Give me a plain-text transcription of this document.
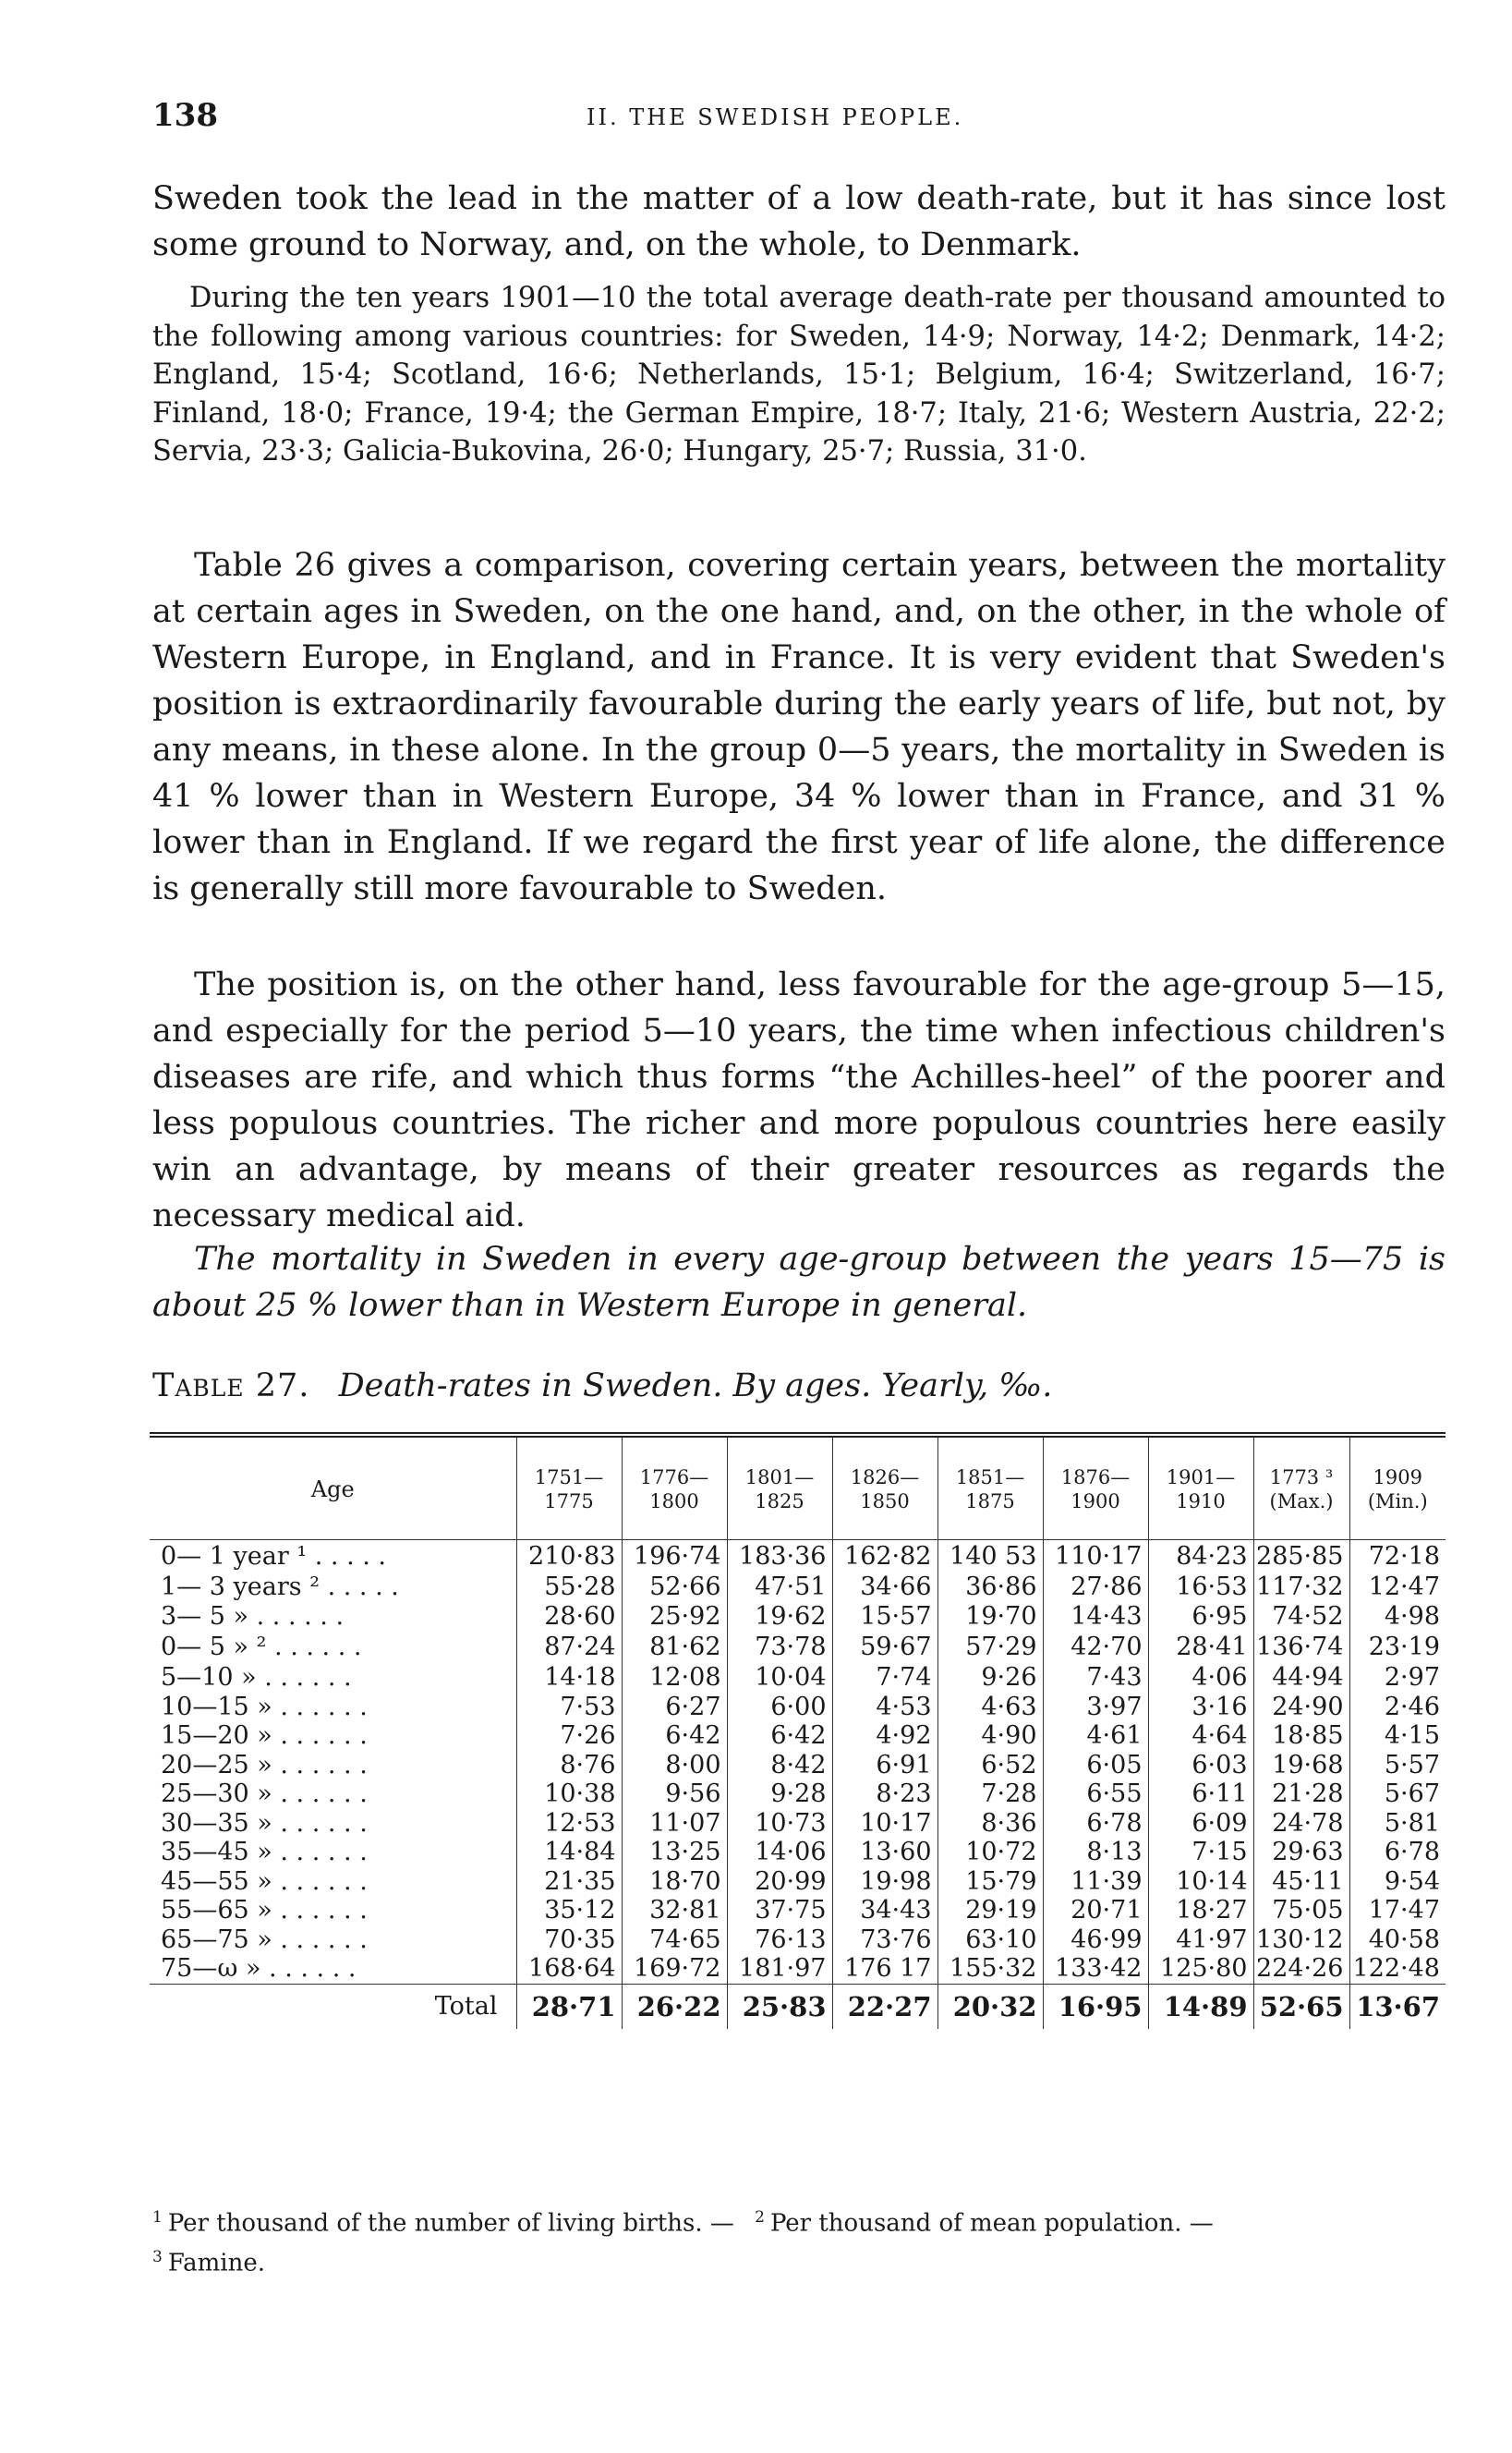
138	II. THE SWEDISH PEOPLE.

Sweden took the lead in the matter of a low death-rate, but it has since lost some ground to Norway, and, on the whole, to Denmark.

During the ten years 1901—10 the total average death-rate per thousand amounted to the following among various countries: for Sweden, 14·9; Norway, 14·2; Denmark, 14·2; England, 15·4; Scotland, 16·6; Netherlands, 15·1; Belgium, 16·4; Switzerland, 16·7; Finland, 18·0; France, 19·4; the German Empire, 18·7; Italy, 21·6; Western Austria, 22·2; Servia, 23·3; Galicia-Bukovina, 26·0; Hungary, 25·7; Russia, 31·0.

Table 26 gives a comparison, covering certain years, between the mortality at certain ages in Sweden, on the one hand, and, on the other, in the whole of Western Europe, in England, and in France. It is very evident that Sweden's position is extraordinarily favourable during the early years of life, but not, by any means, in these alone. In the group 0—5 years, the mortality in Sweden is 41 % lower than in Western Europe, 34 % lower than in France, and 31 % lower than in England. If we regard the first year of life alone, the difference is generally still more favourable to Sweden.

The position is, on the other hand, less favourable for the age-group 5—15, and especially for the period 5—10 years, the time when infectious children's diseases are rife, and which thus forms “the Achilles-heel” of the poorer and less populous countries. The richer and more populous countries here easily win an advantage, by means of their greater resources as regards the necessary medical aid.

The mortality in Sweden in every age-group between the years 15—75 is about 25 % lower than in Western Europe in general.

Table 27. Death-rates in Sweden. By ages. Yearly, ‰.
Age	1751— 1775	1776— 1800	1801— 1825	1826— 1850	1851— 1875	1876— 1900	1901— 1910	1773 ³ (Max.)	1909 (Min.)
0— 1 year ¹ . . . . .	210·83	196·74	183·36	162·82	140 53	110·17	84·23	285·85	72·18
1— 3 years ² . . . . .	55·28	52·66	47·51	34·66	36·86	27·86	16·53	117·32	12·47
3— 5 » . . . . . .	28·60	25·92	19·62	15·57	19·70	14·43	6·95	74·52	4·98
0— 5 » ² . . . . . .	87·24	81·62	73·78	59·67	57·29	42·70	28·41	136·74	23·19
5—10 » . . . . . .	14·18	12·08	10·04	7·74	9·26	7·43	4·06	44·94	2·97
10—15 » . . . . . .	7·53	6·27	6·00	4·53	4·63	3·97	3·16	24·90	2·46
15—20 » . . . . . .	7·26	6·42	6·42	4·92	4·90	4·61	4·64	18·85	4·15
20—25 » . . . . . .	8·76	8·00	8·42	6·91	6·52	6·05	6·03	19·68	5·57
25—30 » . . . . . .	10·38	9·56	9·28	8·23	7·28	6·55	6·11	21·28	5·67
30—35 » . . . . . .	12·53	11·07	10·73	10·17	8·36	6·78	6·09	24·78	5·81
35—45 » . . . . . .	14·84	13·25	14·06	13·60	10·72	8·13	7·15	29·63	6·78
45—55 » . . . . . .	21·35	18·70	20·99	19·98	15·79	11·39	10·14	45·11	9·54
55—65 » . . . . . .	35·12	32·81	37·75	34·43	29·19	20·71	18·27	75·05	17·47
65—75 » . . . . . .	70·35	74·65	76·13	73·76	63·10	46·99	41·97	130·12	40·58
75—ω » . . . . . .	168·64	169·72	181·97	176 17	155·32	133·42	125·80	224·26	122·48
Total	28·71	26·22	25·83	22·27	20·32	16·95	14·89	52·65	13·67
$^1$ Per thousand of the number of living births. — $^2$ Per thousand of mean population. —
$^3$ Famine.
